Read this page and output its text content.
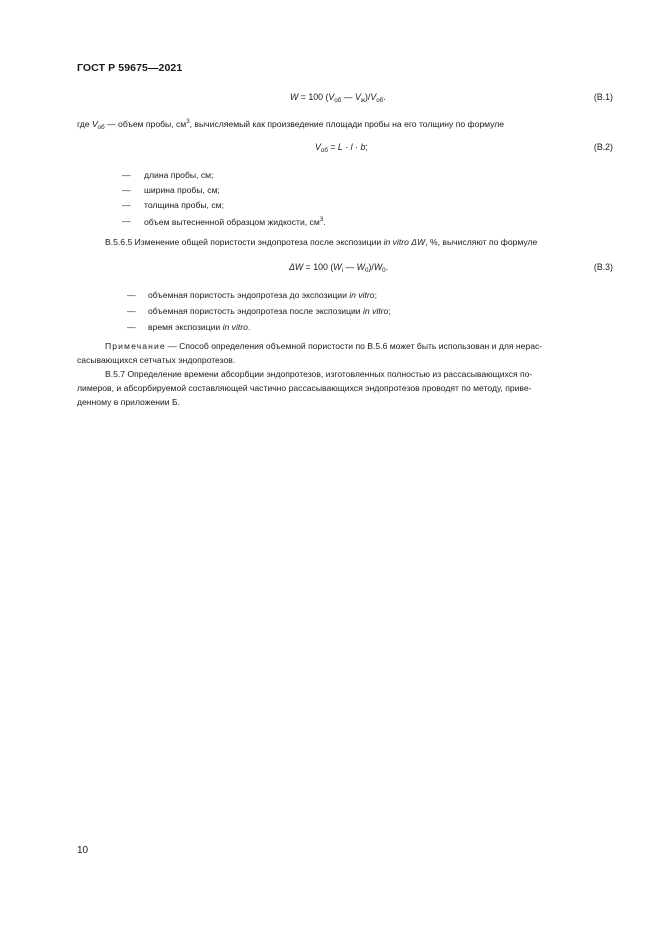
ГОСТ Р 59675—2021
W = 100 ($V_{об}$ — $V_ж)/V_{об}$.	(В.1)
где $V_{об}$ — объем пробы, $см^3$, вычисляемый как произведение площади пробы на его толщину по формуле
$V_{об} = L \cdot l \cdot b$;	(В.2)
— длина пробы, см;
— ширина пробы, см;
— толщина пробы, см;
— объем вытесненной образцом жидкости, $см^3$.
В.5.6.5 Изменение общей пористости эндопротеза после экспозиции in vitro ΔW, %, вычисляют по формуле
ΔW = 100 ($W_i$ — $W_0)/W_0$.	(В.3)
— объемная пористость эндопротеза до экспозиции in vitro;
— объемная пористость эндопротеза после экспозиции in vitro;
— время экспозиции in vitro.
Примечание — Способ определения объемной пористости по В.5.6 может быть использован и для нерас-
сасывающихся сетчатых эндопротезов.
В.5.7 Определение времени абсорбции эндопротезов, изготовленных полностью из рассасывающихся по-
лимеров, и абсорбируемой составляющей частично рассасывающихся эндопротезов проводят по методу, приве-
денному в приложении Б.
10
